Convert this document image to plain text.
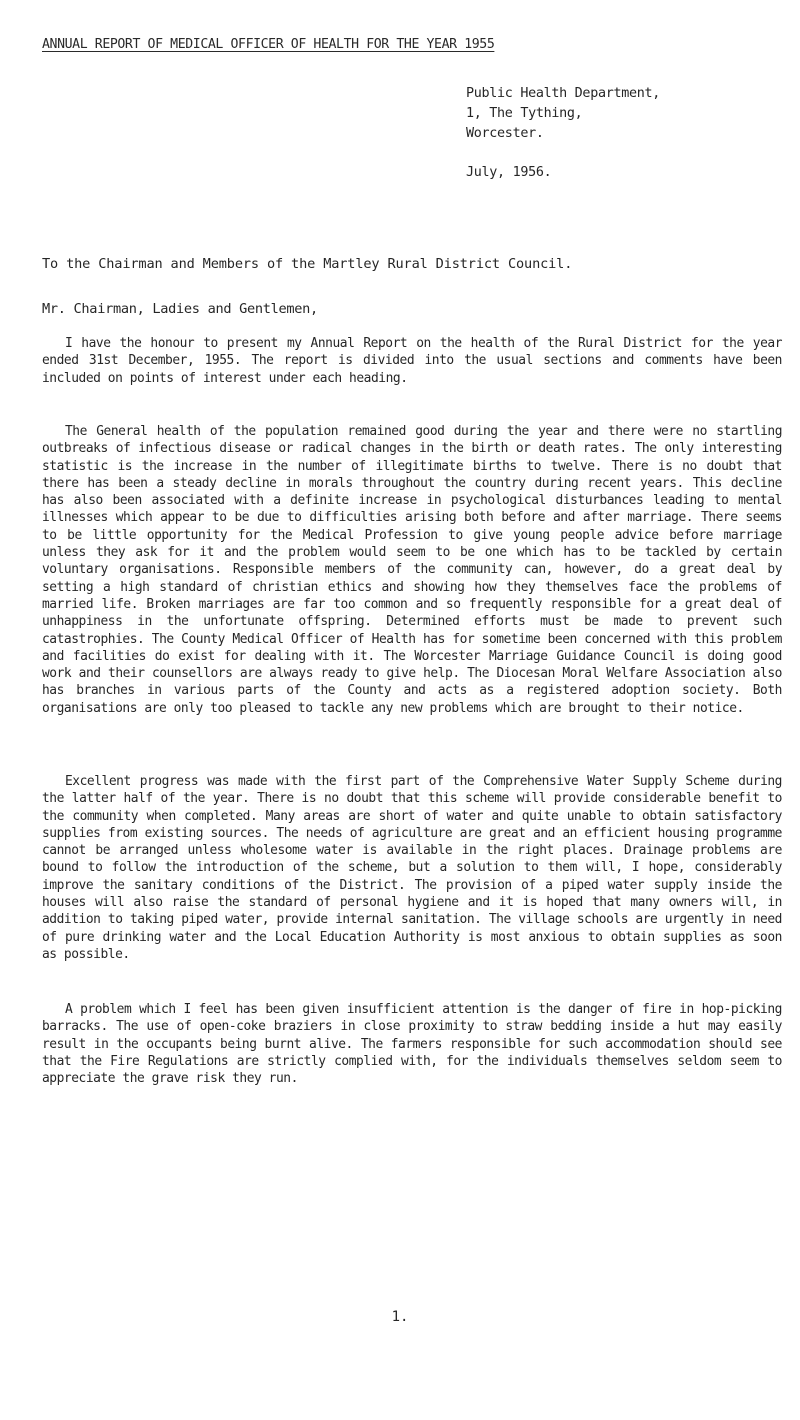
ANNUAL REPORT OF MEDICAL OFFICER OF HEALTH FOR THE YEAR 1955
Public Health Department,
1, The Tything,
Worcester.
July, 1956.
To the Chairman and Members of the Martley Rural District Council.
Mr. Chairman, Ladies and Gentlemen,

I have the honour to present my Annual Report on the health of the Rural District for the year ended 31st December, 1955. The report is divided into the usual sections and comments have been included on points of interest under each heading.

The General health of the population remained good during the year and there were no startling outbreaks of infectious disease or radical changes in the birth or death rates. The only interesting statistic is the increase in the number of illegitimate births to twelve. There is no doubt that there has been a steady decline in morals throughout the country during recent years. This decline has also been associated with a definite increase in psychological disturbances leading to mental illnesses which appear to be due to difficulties arising both before and after marriage. There seems to be little opportunity for the Medical Profession to give young people advice before marriage unless they ask for it and the problem would seem to be one which has to be tackled by certain voluntary organisations. Responsible members of the community can, however, do a great deal by setting a high standard of christian ethics and showing how they themselves face the problems of married life. Broken marriages are far too common and so frequently responsible for a great deal of unhappiness in the unfortunate offspring. Determined efforts must be made to prevent such catastrophies. The County Medical Officer of Health has for sometime been concerned with this problem and facilities do exist for dealing with it. The Worcester Marriage Guidance Council is doing good work and their counsellors are always ready to give help. The Diocesan Moral Welfare Association also has branches in various parts of the County and acts as a registered adoption society. Both organisations are only too pleased to tackle any new problems which are brought to their notice.

Excellent progress was made with the first part of the Comprehensive Water Supply Scheme during the latter half of the year. There is no doubt that this scheme will provide considerable benefit to the community when completed. Many areas are short of water and quite unable to obtain satisfactory supplies from existing sources. The needs of agriculture are great and an efficient housing programme cannot be arranged unless wholesome water is available in the right places. Drainage problems are bound to follow the introduction of the scheme, but a solution to them will, I hope, considerably improve the sanitary conditions of the District. The provision of a piped water supply inside the houses will also raise the standard of personal hygiene and it is hoped that many owners will, in addition to taking piped water, provide internal sanitation. The village schools are urgently in need of pure drinking water and the Local Education Authority is most anxious to obtain supplies as soon as possible.

A problem which I feel has been given insufficient attention is the danger of fire in hop-picking barracks. The use of open-coke braziers in close proximity to straw bedding inside a hut may easily result in the occupants being burnt alive. The farmers responsible for such accommodation should see that the Fire Regulations are strictly complied with, for the individuals themselves seldom seem to appreciate the grave risk they run.

1.
